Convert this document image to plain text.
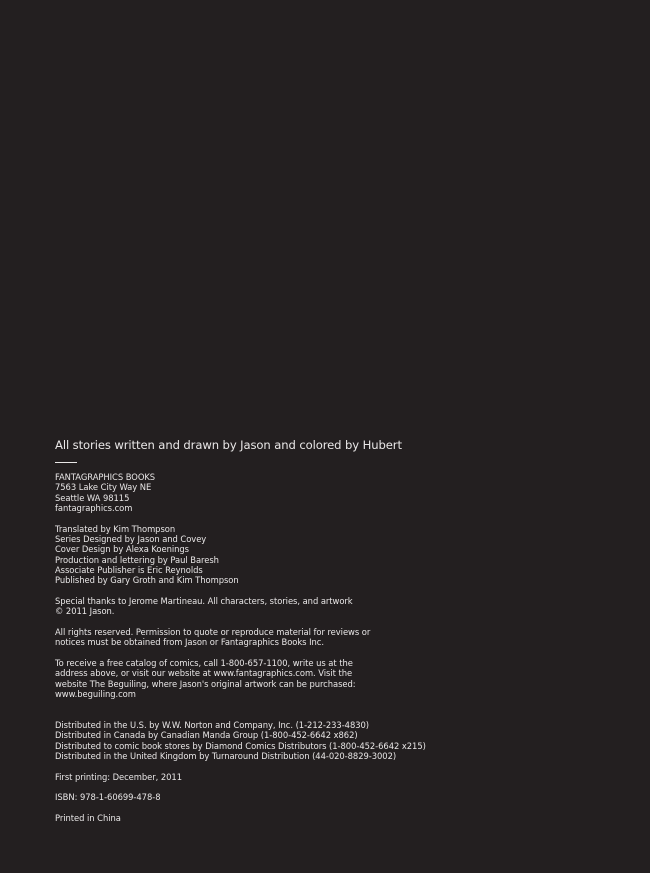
All stories written and drawn by Jason and colored by Hubert

FANTAGRAPHICS BOOKS

7563 Lake City Way NE

Seattle WA 98115

fantagraphics.com

Translated by Kim Thompson

Series Designed by Jason and Covey

Cover Design by Alexa Koenings

Production and lettering by Paul Baresh

Associate Publisher is Eric Reynolds

Published by Gary Groth and Kim Thompson

Special thanks to Jerome Martineau. All characters, stories, and artwork

© 2011 Jason.

All rights reserved. Permission to quote or reproduce material for reviews or

notices must be obtained from Jason or Fantagraphics Books Inc.

To receive a free catalog of comics, call 1-800-657-1100, write us at the

address above, or visit our website at www.fantagraphics.com. Visit the

website The Beguiling, where Jason's original artwork can be purchased:

www.beguiling.com

Distributed in the U.S. by W.W. Norton and Company, Inc. (1-212-233-4830)

Distributed in Canada by Canadian Manda Group (1-800-452-6642 x862)

Distributed to comic book stores by Diamond Comics Distributors (1-800-452-6642 x215)

Distributed in the United Kingdom by Turnaround Distribution (44-020-8829-3002)

First printing: December, 2011

ISBN: 978-1-60699-478-8

Printed in China
